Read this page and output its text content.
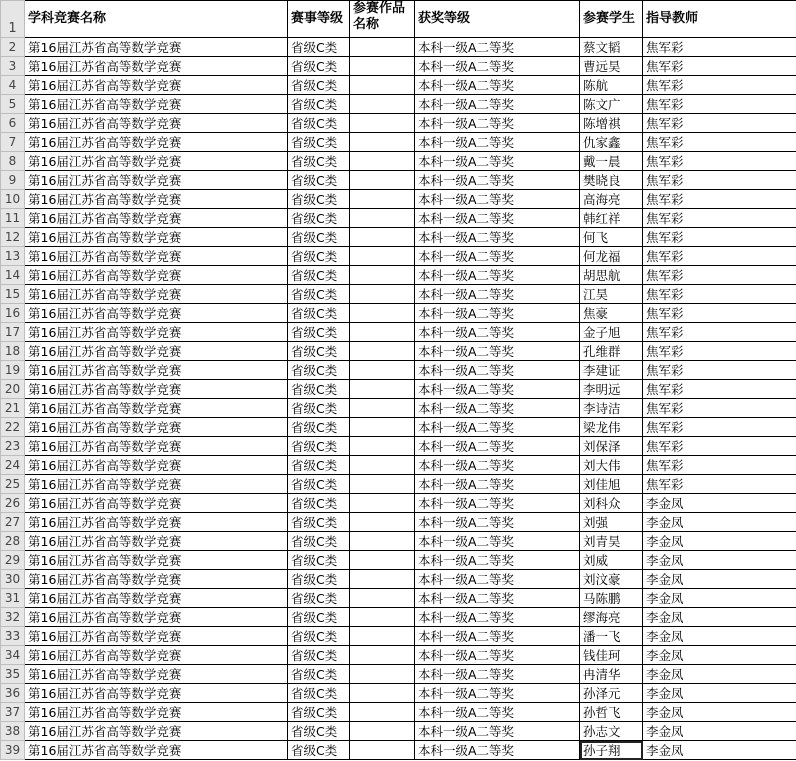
1	学科竞赛名称	赛事等级	参赛作品名称	获奖等级	参赛学生	指导教师
2	第16届江苏省高等数学竞赛	省级C类		本科一级A二等奖	蔡文韬	焦军彩
3	第16届江苏省高等数学竞赛	省级C类		本科一级A二等奖	曹远昊	焦军彩
4	第16届江苏省高等数学竞赛	省级C类		本科一级A二等奖	陈航	焦军彩
5	第16届江苏省高等数学竞赛	省级C类		本科一级A二等奖	陈文广	焦军彩
6	第16届江苏省高等数学竞赛	省级C类		本科一级A二等奖	陈增祺	焦军彩
7	第16届江苏省高等数学竞赛	省级C类		本科一级A二等奖	仇家鑫	焦军彩
8	第16届江苏省高等数学竞赛	省级C类		本科一级A二等奖	戴一晨	焦军彩
9	第16届江苏省高等数学竞赛	省级C类		本科一级A二等奖	樊晓良	焦军彩
10	第16届江苏省高等数学竞赛	省级C类		本科一级A二等奖	高海亮	焦军彩
11	第16届江苏省高等数学竞赛	省级C类		本科一级A二等奖	韩红祥	焦军彩
12	第16届江苏省高等数学竞赛	省级C类		本科一级A二等奖	何飞	焦军彩
13	第16届江苏省高等数学竞赛	省级C类		本科一级A二等奖	何龙福	焦军彩
14	第16届江苏省高等数学竞赛	省级C类		本科一级A二等奖	胡思航	焦军彩
15	第16届江苏省高等数学竞赛	省级C类		本科一级A二等奖	江昊	焦军彩
16	第16届江苏省高等数学竞赛	省级C类		本科一级A二等奖	焦豪	焦军彩
17	第16届江苏省高等数学竞赛	省级C类		本科一级A二等奖	金子旭	焦军彩
18	第16届江苏省高等数学竞赛	省级C类		本科一级A二等奖	孔维群	焦军彩
19	第16届江苏省高等数学竞赛	省级C类		本科一级A二等奖	李建证	焦军彩
20	第16届江苏省高等数学竞赛	省级C类		本科一级A二等奖	李明远	焦军彩
21	第16届江苏省高等数学竞赛	省级C类		本科一级A二等奖	李诗洁	焦军彩
22	第16届江苏省高等数学竞赛	省级C类		本科一级A二等奖	梁龙伟	焦军彩
23	第16届江苏省高等数学竞赛	省级C类		本科一级A二等奖	刘保泽	焦军彩
24	第16届江苏省高等数学竞赛	省级C类		本科一级A二等奖	刘大伟	焦军彩
25	第16届江苏省高等数学竞赛	省级C类		本科一级A二等奖	刘佳旭	焦军彩
26	第16届江苏省高等数学竞赛	省级C类		本科一级A二等奖	刘科众	李金凤
27	第16届江苏省高等数学竞赛	省级C类		本科一级A二等奖	刘强	李金凤
28	第16届江苏省高等数学竞赛	省级C类		本科一级A二等奖	刘青昊	李金凤
29	第16届江苏省高等数学竞赛	省级C类		本科一级A二等奖	刘威	李金凤
30	第16届江苏省高等数学竞赛	省级C类		本科一级A二等奖	刘汶豪	李金凤
31	第16届江苏省高等数学竞赛	省级C类		本科一级A二等奖	马陈鹏	李金凤
32	第16届江苏省高等数学竞赛	省级C类		本科一级A二等奖	缪海亮	李金凤
33	第16届江苏省高等数学竞赛	省级C类		本科一级A二等奖	潘一飞	李金凤
34	第16届江苏省高等数学竞赛	省级C类		本科一级A二等奖	钱佳珂	李金凤
35	第16届江苏省高等数学竞赛	省级C类		本科一级A二等奖	冉清华	李金凤
36	第16届江苏省高等数学竞赛	省级C类		本科一级A二等奖	孙泽元	李金凤
37	第16届江苏省高等数学竞赛	省级C类		本科一级A二等奖	孙哲飞	李金凤
38	第16届江苏省高等数学竞赛	省级C类		本科一级A二等奖	孙志文	李金凤
39	第16届江苏省高等数学竞赛	省级C类		本科一级A二等奖	孙子翔	李金凤
